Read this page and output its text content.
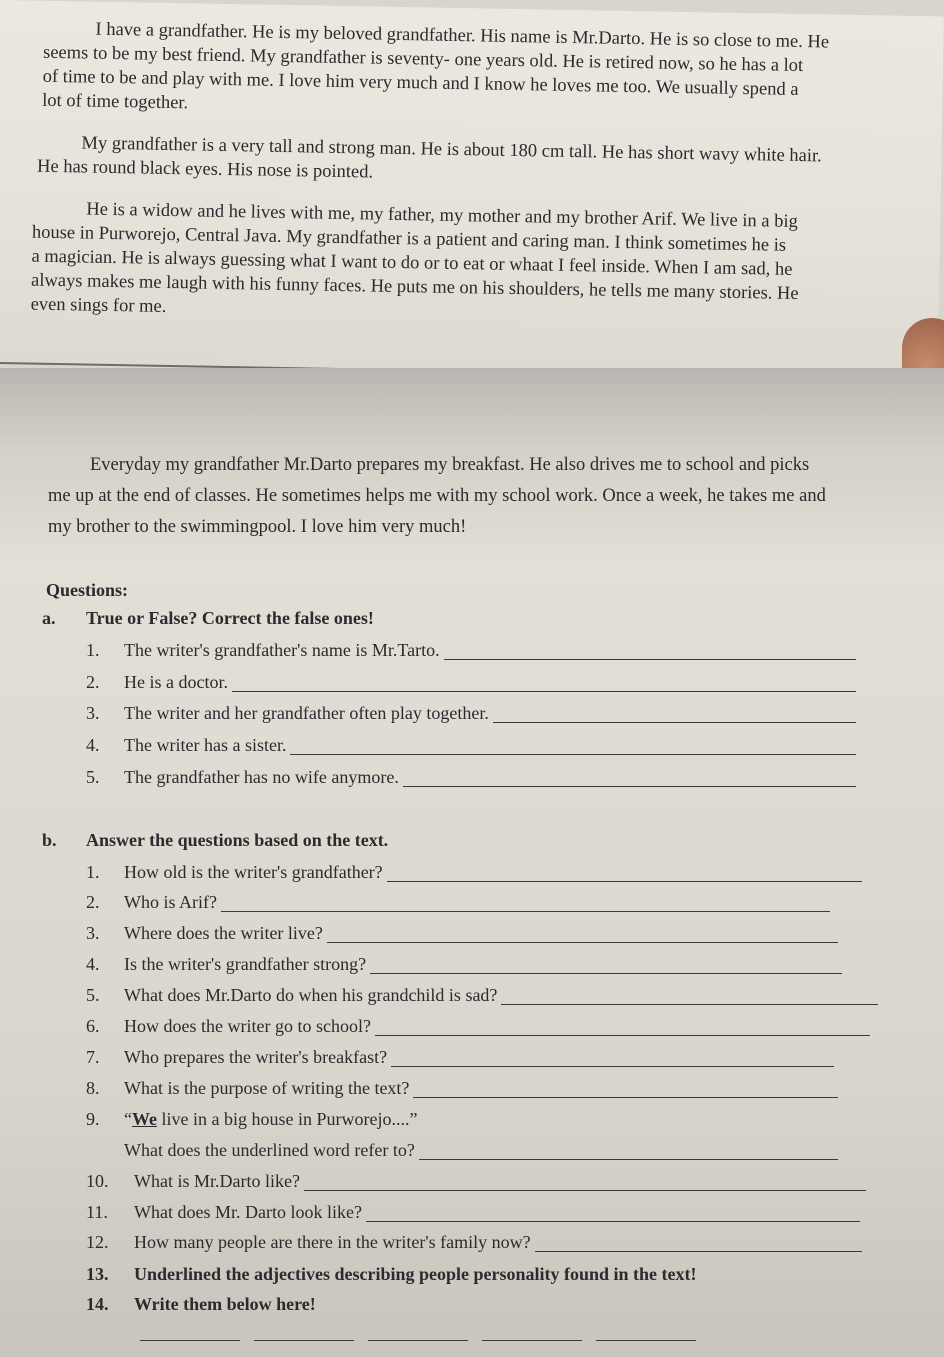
I have a grandfather. He is my beloved grandfather. His name is Mr.Darto. He is so close to me. He
seems to be my best friend. My grandfather is seventy- one years old. He is retired now, so he has a lot
of time to be and play with me. I love him very much and I know he loves me too. We usually spend a
lot of time together.

My grandfather is a very tall and strong man. He is about 180 cm tall. He has short wavy white hair.
He has round black eyes. His nose is pointed.

He is a widow and he lives with me, my father, my mother and my brother Arif. We live in a big
house in Purworejo, Central Java. My grandfather is a patient and caring man. I think sometimes he is
a magician. He is always guessing what I want to do or to eat or whaat I feel inside. When I am sad, he
always makes me laugh with his funny faces. He puts me on his shoulders, he tells me many stories. He
even sings for me.

Everyday my grandfather Mr.Darto prepares my breakfast. He also drives me to school and picks
me up at the end of classes. He sometimes helps me with my school work. Once a week, he takes me and
my brother to the swimmingpool. I love him very much!

Questions:

a.	True or False? Correct the false ones!
1.	The writer's grandfather's name is Mr.Tarto.
2.	He is a doctor.
3.	The writer and her grandfather often play together.
4.	The writer has a sister.
5.	The grandfather has no wife anymore.
b.	Answer the questions based on the text.
1.	How old is the writer's grandfather?
2.	Who is Arif?
3.	Where does the writer live?
4.	Is the writer's grandfather strong?
5.	What does Mr.Darto do when his grandchild is sad?
6.	How does the writer go to school?
7.	Who prepares the writer's breakfast?
8.	What is the purpose of writing the text?
9.	“We live in a big house in Purworejo....”
What does the underlined word refer to?
10.	What is Mr.Darto like?
11.	What does Mr. Darto look like?
12.	How many people are there in the writer's family now?
13.	Underlined the adjectives describing people personality found in the text!
14.	Write them below here!
